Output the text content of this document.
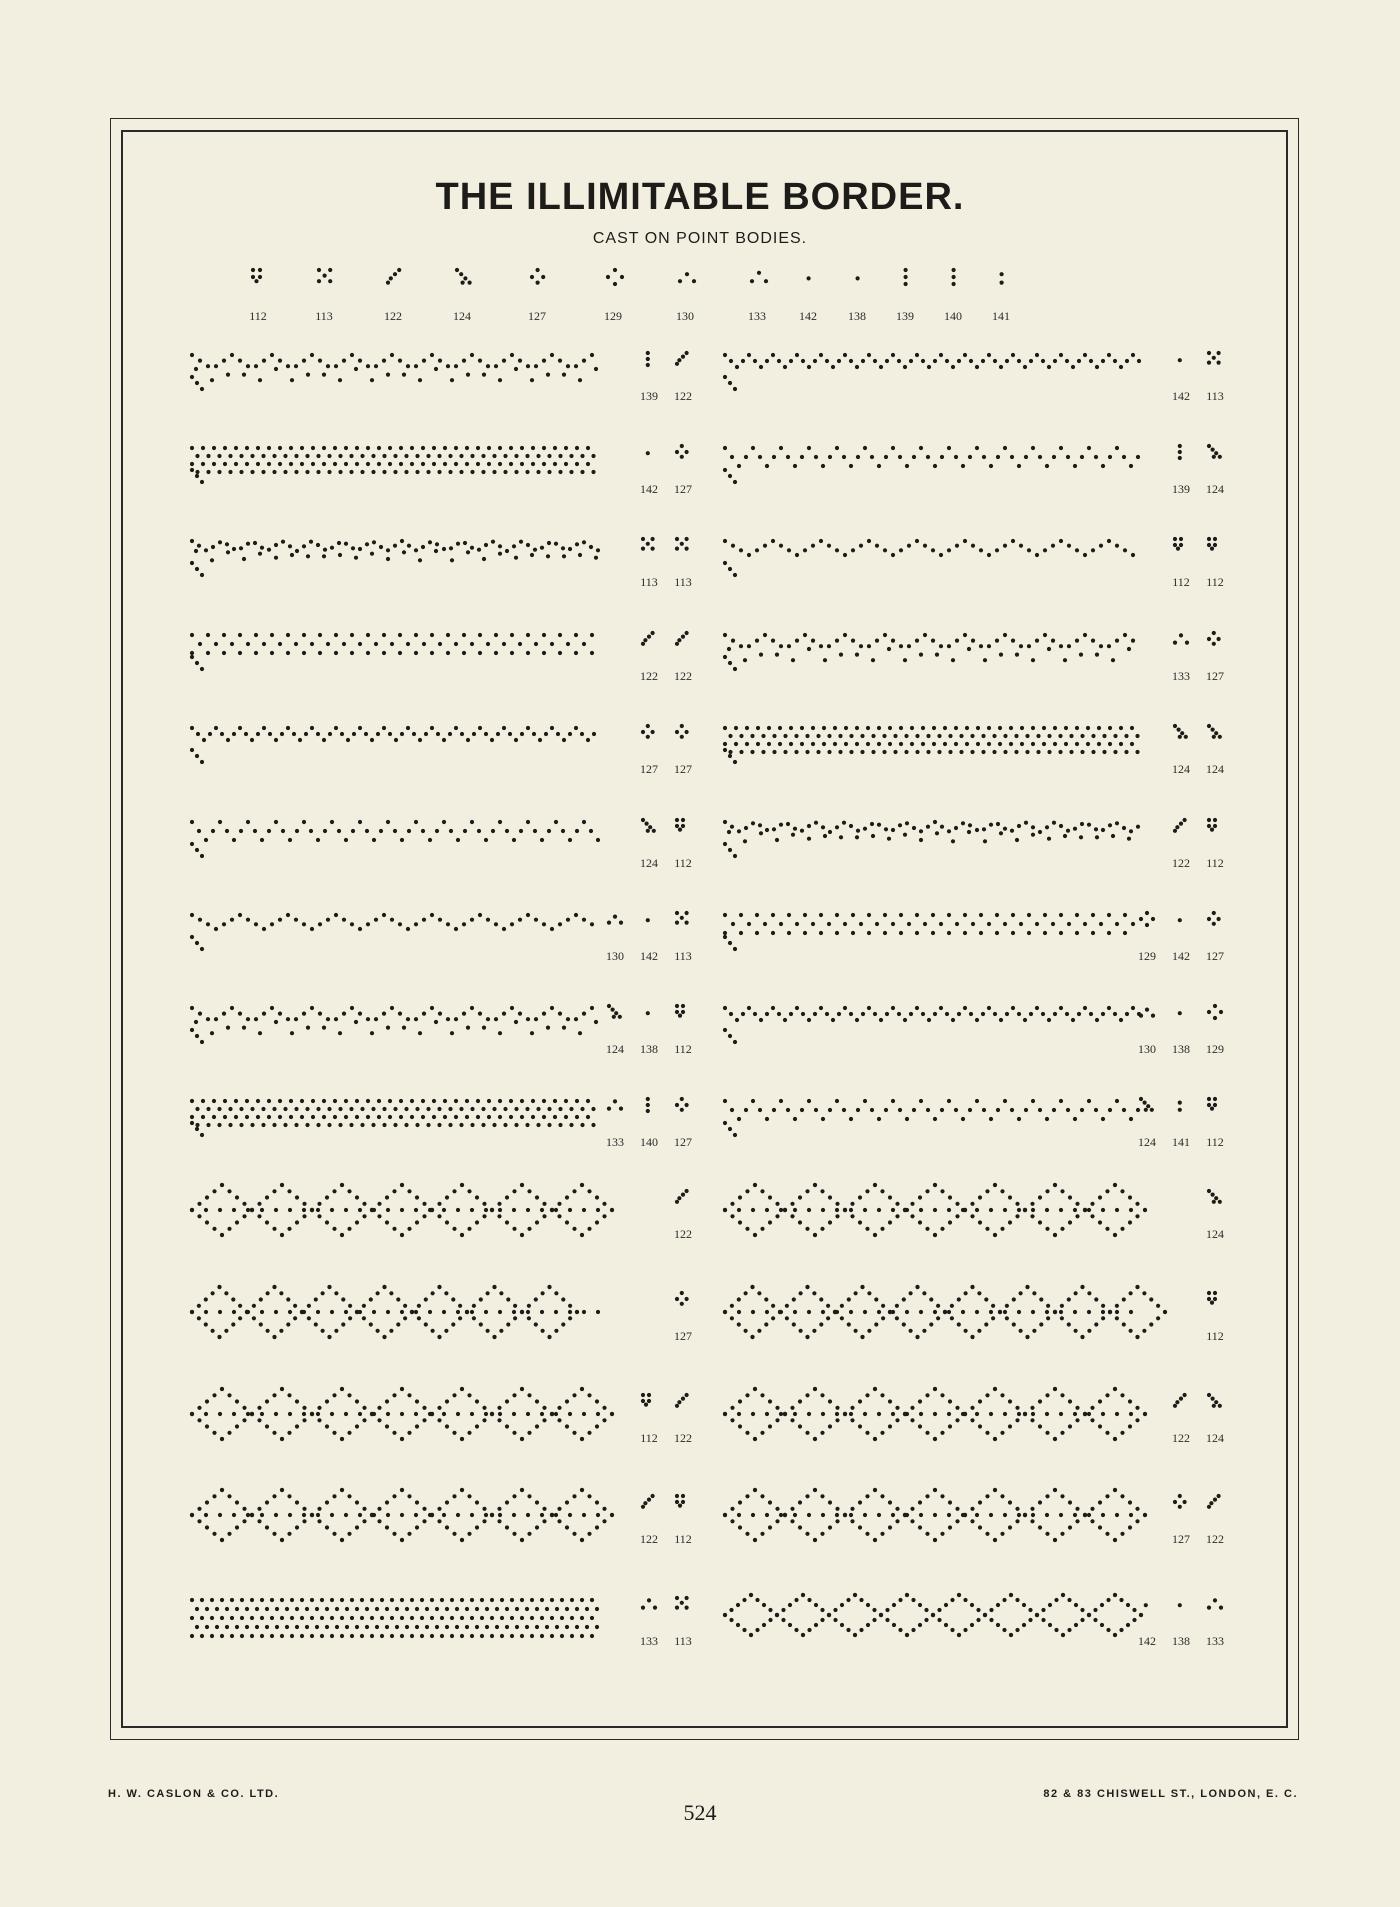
THE ILLIMITABLE BORDER.
CAST ON POINT BODIES.
112	113	122	124	127	129	130	133	142	138	139	140	141
139 122	142 113
142 127	139 124
113 113	112 112
122 122	133 127
127 127	124 124
124 112	122 112
130 142 113	129 142 127
124 138 112	130 138 129
133 140 127	124 141 112
122	124
127	112
112 122	122 124
122 112	127 122
133 113	142 138 133
H. W. CASLON & CO. LTD.	82 & 83 CHISWELL ST., LONDON, E. C.
524
